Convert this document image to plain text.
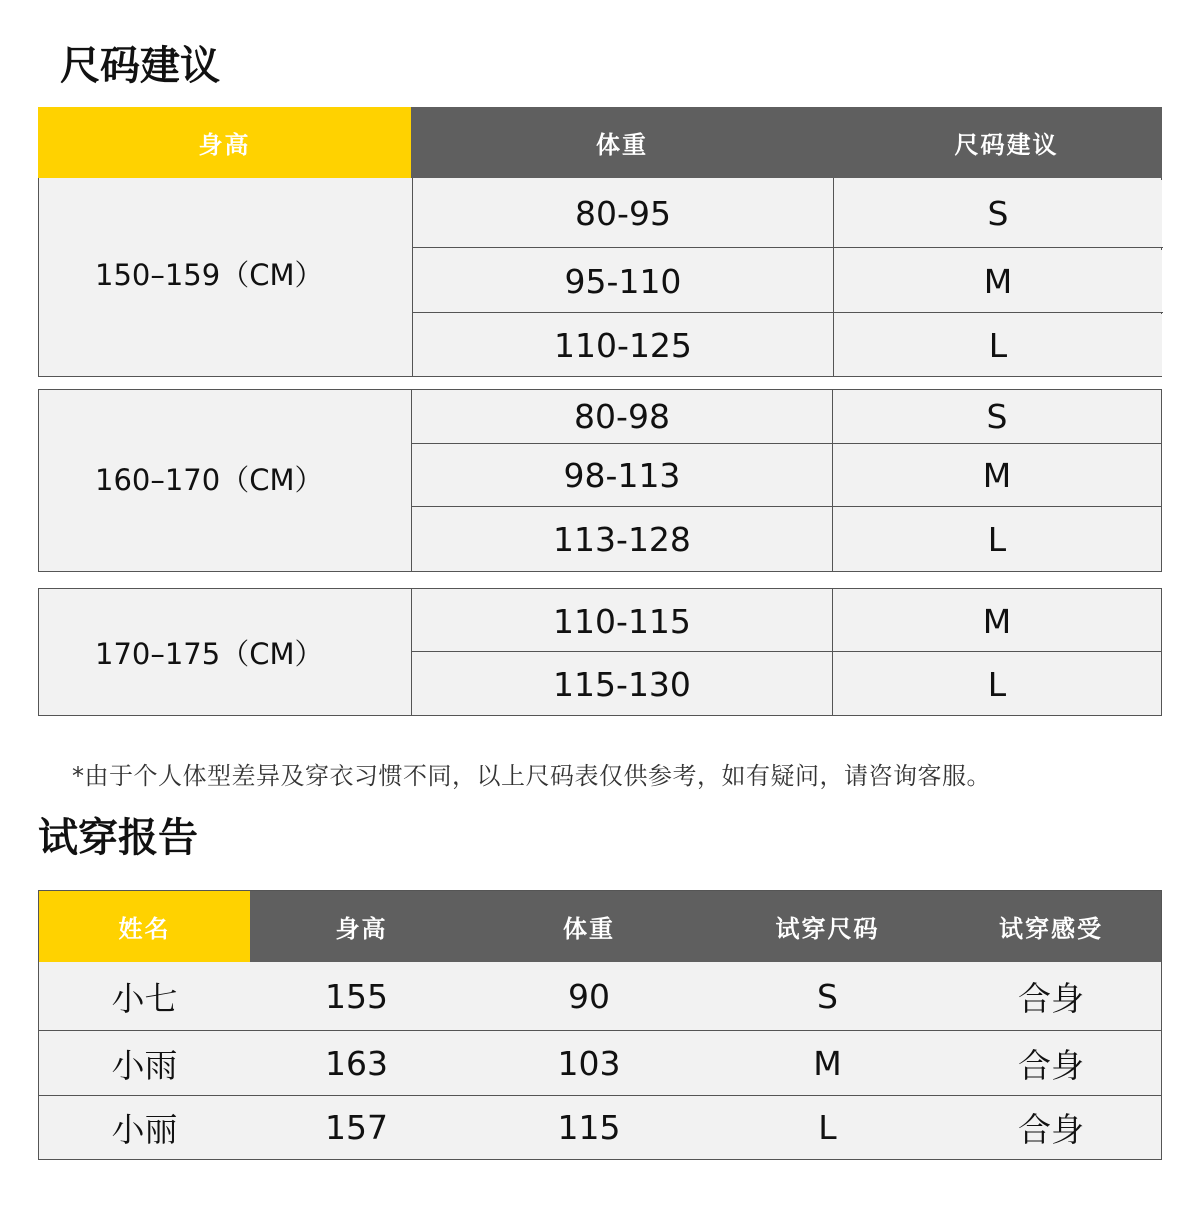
尺码建议
身高	体重	尺码建议
150–159（CM）
80-95	S
95-110	M
110-125	L
160–170（CM）
80-98	S
98-113	M
113-128	L
170–175（CM）
110-115	M
115-130	L
*由于个人体型差异及穿衣习惯不同，以上尺码表仅供参考，如有疑问，请咨询客服。
试穿报告
姓名	身高	体重	试穿尺码	试穿感受
小七	155	90	S	合身
小雨	163	103	M	合身
小丽	157	115	L	合身
